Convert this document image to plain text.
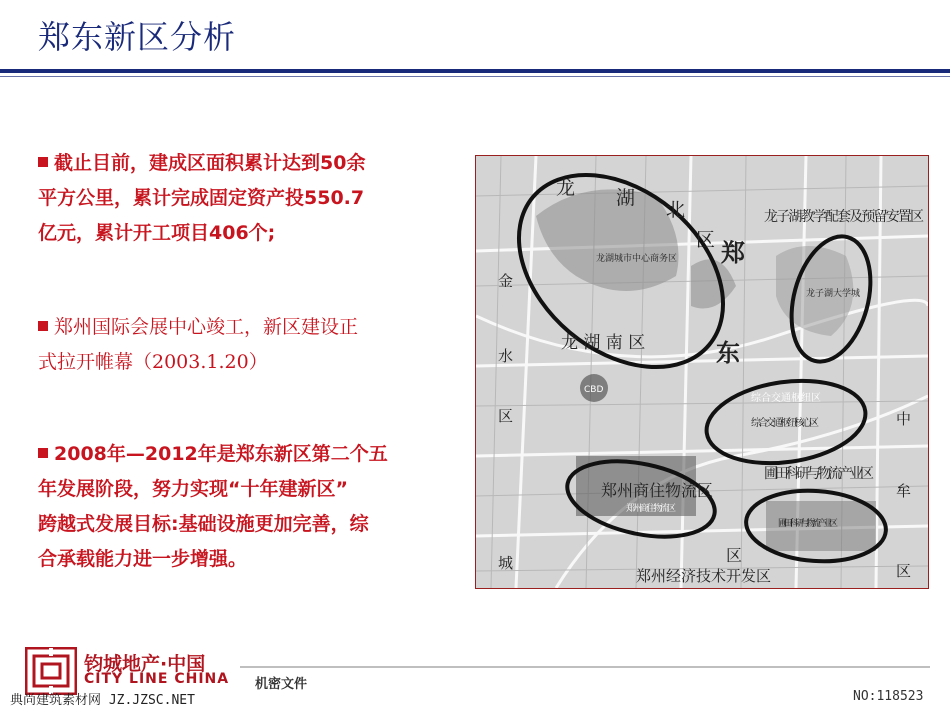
郑东新区分析
截止目前，建成区面积累计达到50余
平方公里，累计完成固定资产投550.7
亿元，累计开工项目406个;
郑州国际会展中心竣工，新区建设正
式拉开帷幕（2003.1.20）
2008年—2012年是郑东新区第二个五
年发展阶段，努力实现“十年建新区”
跨越式发展目标:基础设施更加完善，综
合承载能力进一步增强。
龙 湖
北
区 郑
东
龙湖城市中心商务区
龙 湖 南 区
CBD
金
水
区
城
龙子湖教学配套及预留安置区
龙子湖大学城
综合交通枢纽区
综合交通枢纽核心区
郑州商住物流区
郑州商住物流区
圃田科研与物流产业区
圃田科研与物流产业区
郑州经济技术开发区
中
牟
区
区
钧城地产·中国
CITY LINE CHINA 机密文件
典尚建筑素材网 JZ.JZSC.NET	NO:118523
